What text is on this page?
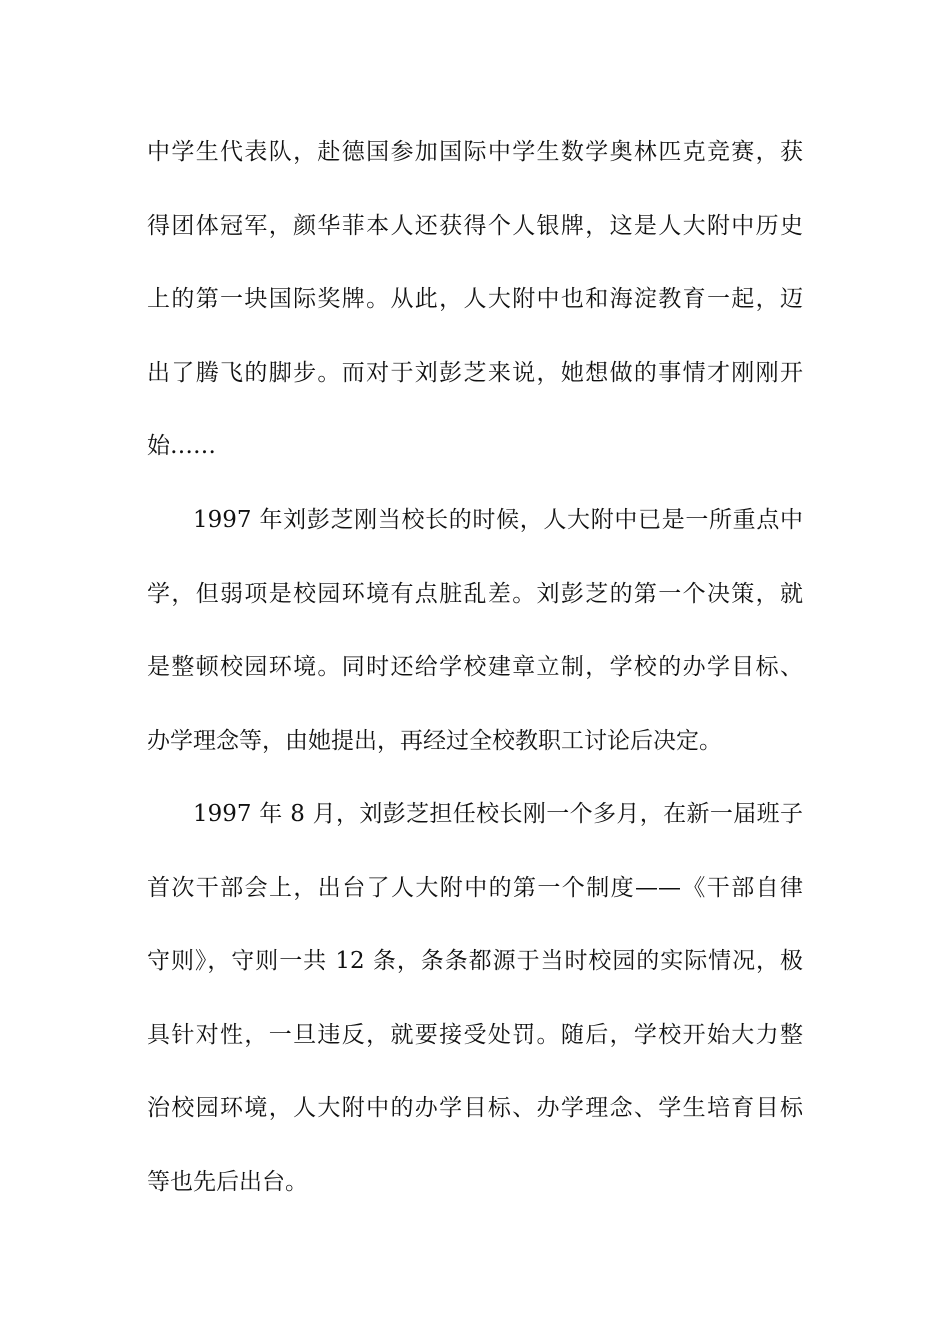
中学生代表队，赴德国参加国际中学生数学奥林匹克竞赛，获
得团体冠军，颜华菲本人还获得个人银牌，这是人大附中历史
上的第一块国际奖牌。从此，人大附中也和海淀教育一起，迈
出了腾飞的脚步。而对于刘彭芝来说，她想做的事情才刚刚开
始……
1997 年刘彭芝刚当校长的时候，人大附中已是一所重点中
学，但弱项是校园环境有点脏乱差。刘彭芝的第一个决策，就
是整顿校园环境。同时还给学校建章立制，学校的办学目标、
办学理念等，由她提出，再经过全校教职工讨论后决定。
1997 年 8 月，刘彭芝担任校长刚一个多月，在新一届班子
首次干部会上，出台了人大附中的第一个制度——《干部自律
守则》，守则一共 12 条，条条都源于当时校园的实际情况，极
具针对性，一旦违反，就要接受处罚。随后，学校开始大力整
治校园环境，人大附中的办学目标、办学理念、学生培育目标
等也先后出台。
